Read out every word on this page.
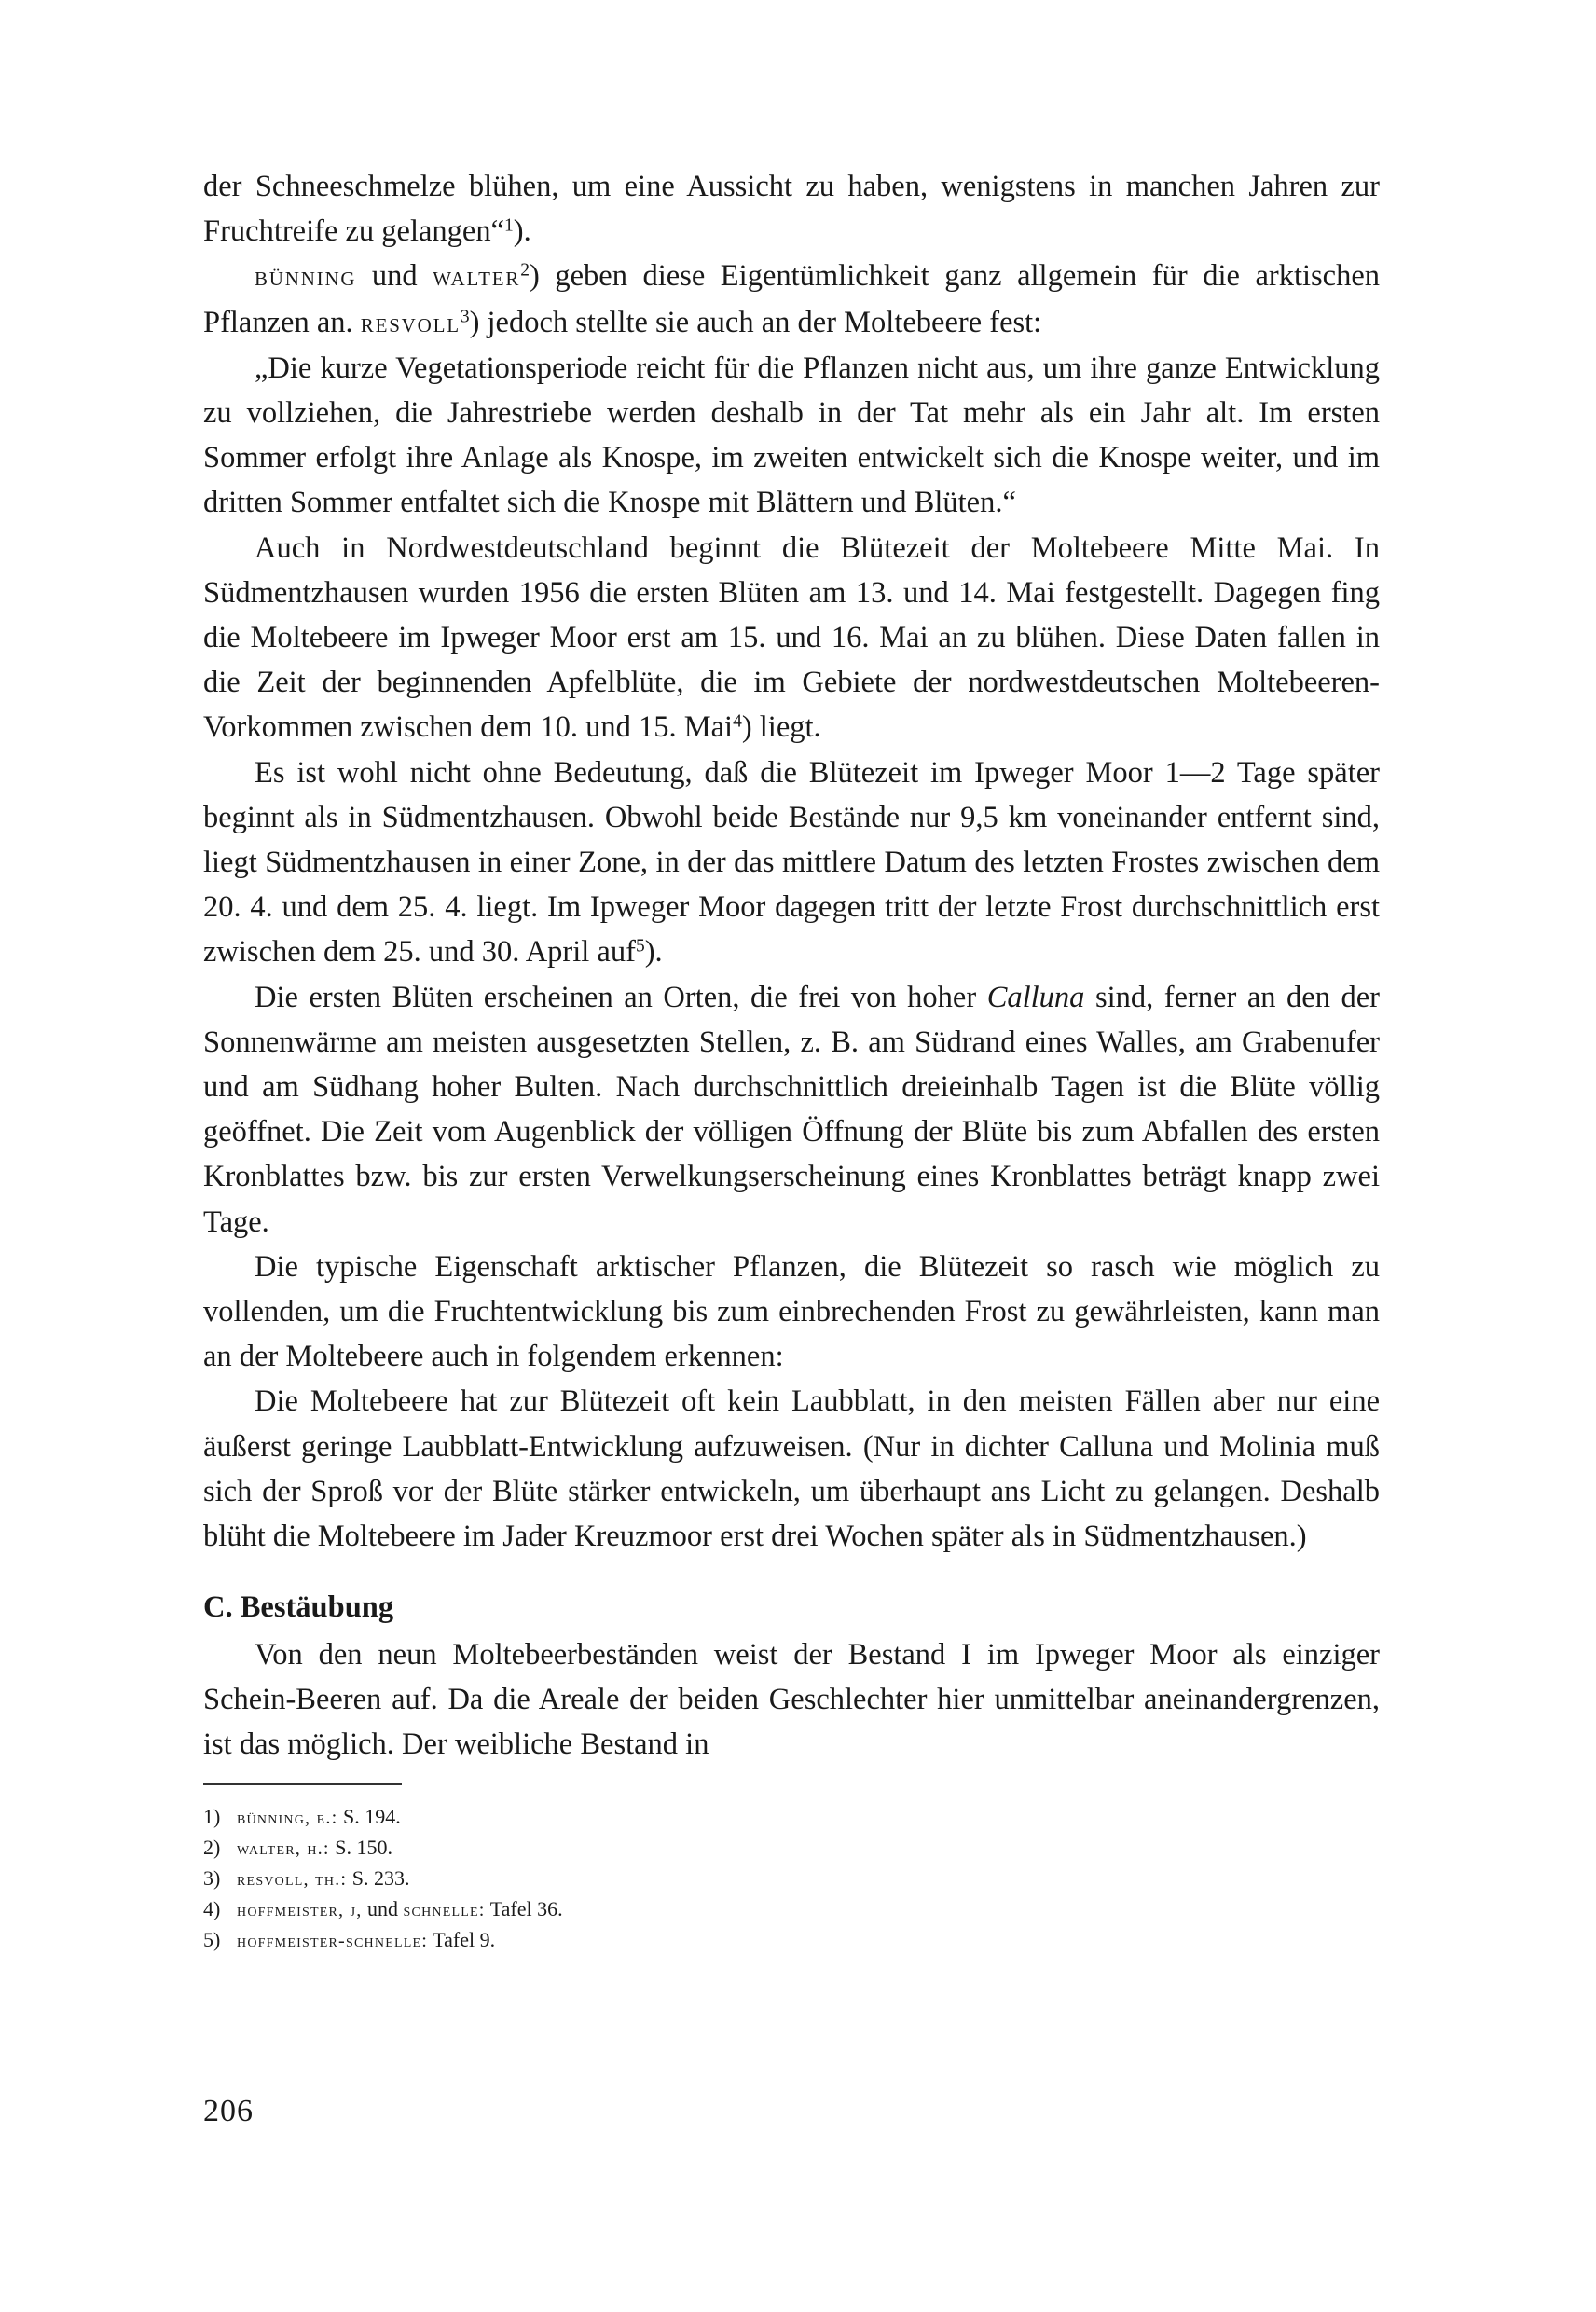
der Schneeschmelze blühen, um eine Aussicht zu haben, wenigstens in manchen Jahren zur Fruchtreife zu gelangen“$^1$).

bünning und walter$^2$) geben diese Eigentümlichkeit ganz allgemein für die arktischen Pflanzen an. resvoll$^3$) jedoch stellte sie auch an der Moltebeere fest:

„Die kurze Vegetationsperiode reicht für die Pflanzen nicht aus, um ihre ganze Entwicklung zu vollziehen, die Jahrestriebe werden deshalb in der Tat mehr als ein Jahr alt. Im ersten Sommer erfolgt ihre Anlage als Knospe, im zweiten entwickelt sich die Knospe weiter, und im dritten Sommer entfaltet sich die Knospe mit Blättern und Blüten.“

Auch in Nordwestdeutschland beginnt die Blütezeit der Moltebeere Mitte Mai. In Südmentzhausen wurden 1956 die ersten Blüten am 13. und 14. Mai festgestellt. Dagegen fing die Moltebeere im Ipweger Moor erst am 15. und 16. Mai an zu blühen. Diese Daten fallen in die Zeit der beginnenden Apfelblüte, die im Gebiete der nordwestdeutschen Moltebeeren-Vorkommen zwischen dem 10. und 15. Mai$^4$) liegt.

Es ist wohl nicht ohne Bedeutung, daß die Blütezeit im Ipweger Moor 1—2 Tage später beginnt als in Südmentzhausen. Obwohl beide Bestände nur 9,5 km voneinander entfernt sind, liegt Südmentzhausen in einer Zone, in der das mittlere Datum des letzten Frostes zwischen dem 20. 4. und dem 25. 4. liegt. Im Ipweger Moor dagegen tritt der letzte Frost durchschnittlich erst zwischen dem 25. und 30. April auf$^5$).

Die ersten Blüten erscheinen an Orten, die frei von hoher Calluna sind, ferner an den der Sonnenwärme am meisten ausgesetzten Stellen, z. B. am Südrand eines Walles, am Grabenufer und am Südhang hoher Bulten. Nach durchschnittlich dreieinhalb Tagen ist die Blüte völlig geöffnet. Die Zeit vom Augenblick der völligen Öffnung der Blüte bis zum Abfallen des ersten Kronblattes bzw. bis zur ersten Verwelkungserscheinung eines Kronblattes beträgt knapp zwei Tage.

Die typische Eigenschaft arktischer Pflanzen, die Blütezeit so rasch wie möglich zu vollenden, um die Fruchtentwicklung bis zum einbrechenden Frost zu gewährleisten, kann man an der Moltebeere auch in folgendem erkennen:

Die Moltebeere hat zur Blütezeit oft kein Laubblatt, in den meisten Fällen aber nur eine äußerst geringe Laubblatt-Entwicklung aufzuweisen. (Nur in dichter Calluna und Molinia muß sich der Sproß vor der Blüte stärker entwickeln, um überhaupt ans Licht zu gelangen. Deshalb blüht die Moltebeere im Jader Kreuzmoor erst drei Wochen später als in Südmentzhausen.)

C. Bestäubung

Von den neun Moltebeerbeständen weist der Bestand I im Ipweger Moor als einziger Schein-Beeren auf. Da die Areale der beiden Geschlechter hier unmittelbar aneinandergrenzen, ist das möglich. Der weibliche Bestand in

1) bünning, e.: S. 194.
2) walter, h.: S. 150.
3) resvoll, th.: S. 233.
4) hoffmeister, j, und schnelle: Tafel 36.
5) hoffmeister-schnelle: Tafel 9.
206
